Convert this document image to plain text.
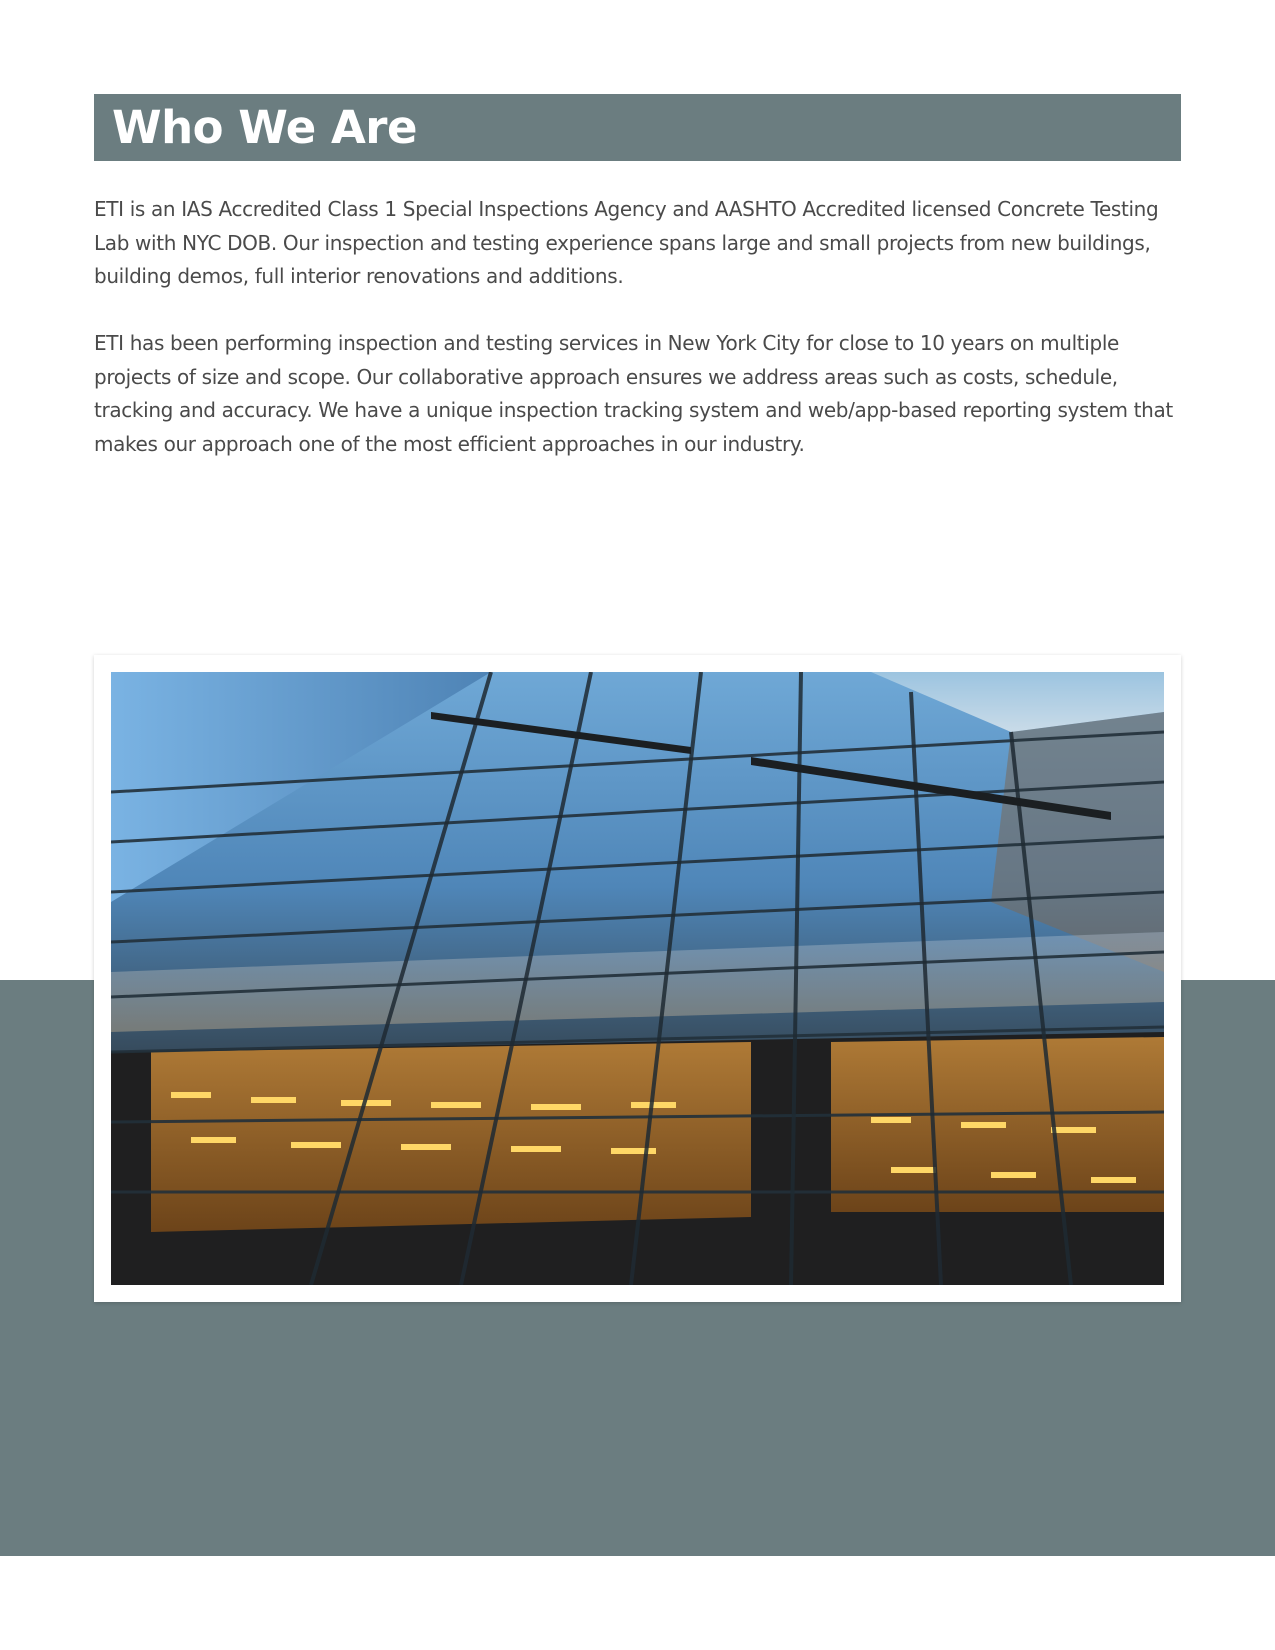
Who We Are

ETI is an IAS Accredited Class 1 Special Inspections Agency and AASHTO Accredited licensed Concrete Testing Lab with NYC DOB. Our inspection and testing experience spans large and small projects from new buildings, building demos, full interior renovations and additions.

ETI has been performing inspection and testing services in New York City for close to 10 years on multiple projects of size and scope. Our collaborative approach ensures we address areas such as costs, schedule, tracking and accuracy. We have a unique inspection tracking system and web/app-based reporting system that makes our approach one of the most efficient approaches in our industry.
